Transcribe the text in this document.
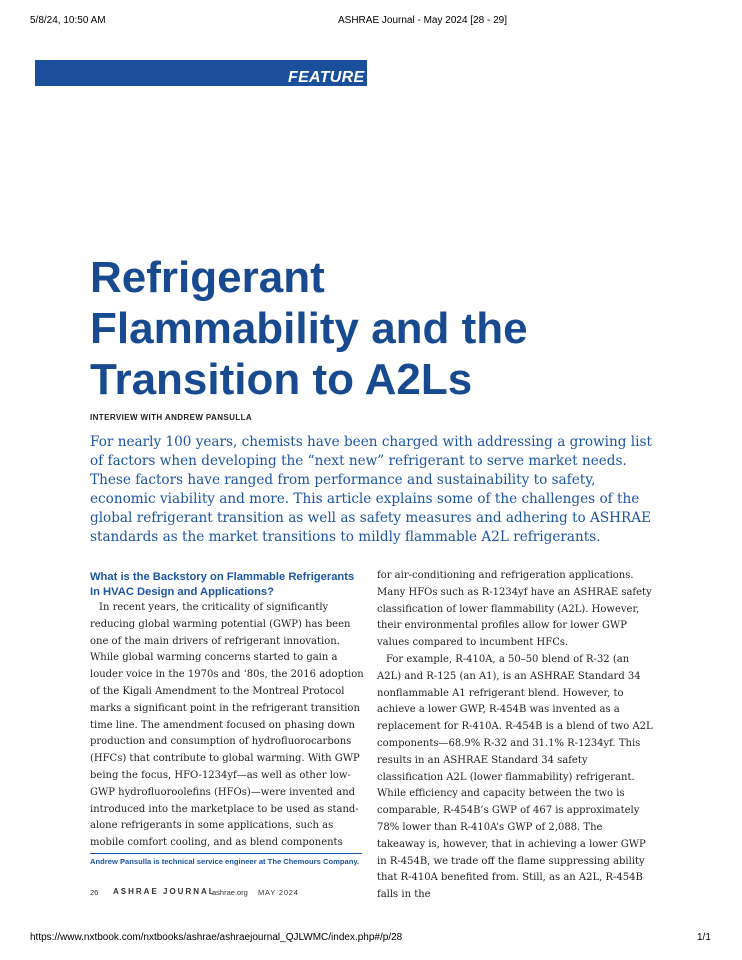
5/8/24, 10:50 AM	ASHRAE Journal - May 2024 [28 - 29]
FEATURE
Refrigerant
Flammability and the
Transition to A2Ls
INTERVIEW WITH ANDREW PANSULLA

For nearly 100 years, chemists have been charged with addressing a growing list of factors when developing the “next new” refrigerant to serve market needs. These factors have ranged from performance and sustainability to safety, economic viability and more. This article explains some of the challenges of the global refrigerant transition as well as safety measures and adhering to ASHRAE standards as the market transitions to mildly flammable A2L refrigerants.

What is the Backstory on Flammable Refrigerants
In HVAC Design and Applications?

In recent years, the criticality of significantly reducing global warming potential (GWP) has been one of the main drivers of refrigerant innovation. While global warming concerns started to gain a louder voice in the 1970s and ‘80s, the 2016 adoption of the Kigali Amendment to the Montreal Protocol marks a significant point in the refrigerant transition time line. The amendment focused on phasing down production and consumption of hydrofluorocarbons (HFCs) that contribute to global warming. With GWP being the focus, HFO-1234yf—as well as other low-GWP hydrofluoroolefins (HFOs)—were invented and introduced into the marketplace to be used as stand-alone refrigerants in some applications, such as mobile comfort cooling, and as blend components

for air-conditioning and refrigeration applications. Many HFOs such as R-1234yf have an ASHRAE safety classification of lower flammability (A2L). However, their environmental profiles allow for lower GWP values compared to incumbent HFCs.

For example, R-410A, a 50–50 blend of R-32 (an A2L) and R-125 (an A1), is an ASHRAE Standard 34 nonflammable A1 refrigerant blend. However, to achieve a lower GWP, R-454B was invented as a replacement for R-410A. R-454B is a blend of two A2L components—68.9% R-32 and 31.1% R-1234yf. This results in an ASHRAE Standard 34 safety classification A2L (lower flammability) refrigerant. While efficiency and capacity between the two is comparable, R-454B’s GWP of 467 is approximately 78% lower than R-410A’s GWP of 2,088. The takeaway is, however, that in achieving a lower GWP in R-454B, we trade off the flame suppressing ability that R-410A benefited from. Still, as an A2L, R-454B falls in the

Andrew Pansulla is technical service engineer at The Chemours Company.
26 ASHRAE JOURNAL
ashrae.org MAY 2024
https://www.nxtbook.com/nxtbooks/ashrae/ashraejournal_QJLWMC/index.php#/p/28	1/1
